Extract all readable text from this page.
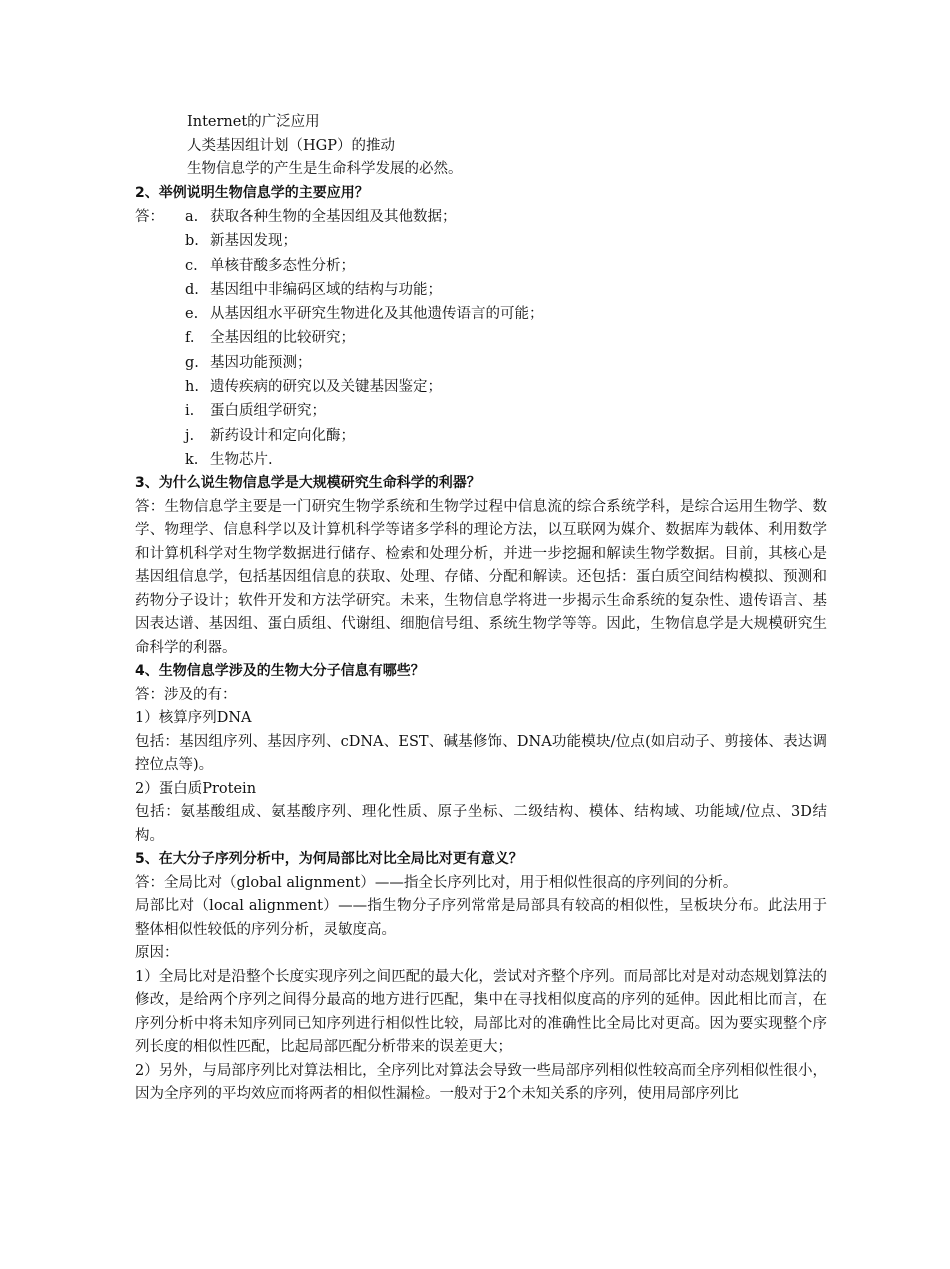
Internet的广泛应用
人类基因组计划（HGP）的推动
生物信息学的产生是生命科学发展的必然。
2、举例说明生物信息学的主要应用？
答： a. 获取各种生物的全基因组及其他数据；
b. 新基因发现；
c. 单核苷酸多态性分析；
d. 基因组中非编码区域的结构与功能；
e. 从基因组水平研究生物进化及其他遗传语言的可能；
f. 全基因组的比较研究；
g. 基因功能预测；
h. 遗传疾病的研究以及关键基因鉴定；
i. 蛋白质组学研究；
j. 新药设计和定向化酶；
k. 生物芯片.
3、为什么说生物信息学是大规模研究生命科学的利器？
答：生物信息学主要是一门研究生物学系统和生物学过程中信息流的综合系统学科，是综合运用生物学、数学、物理学、信息科学以及计算机科学等诸多学科的理论方法，以互联网为媒介、数据库为载体、利用数学和计算机科学对生物学数据进行储存、检索和处理分析，并进一步挖掘和解读生物学数据。目前，其核心是基因组信息学，包括基因组信息的获取、处理、存储、分配和解读。还包括：蛋白质空间结构模拟、预测和药物分子设计；软件开发和方法学研究。未来，生物信息学将进一步揭示生命系统的复杂性、遗传语言、基因表达谱、基因组、蛋白质组、代谢组、细胞信号组、系统生物学等等。因此，生物信息学是大规模研究生命科学的利器。
4、生物信息学涉及的生物大分子信息有哪些？
答：涉及的有：
1）核算序列DNA
包括：基因组序列、基因序列、cDNA、EST、碱基修饰、DNA功能模块/位点(如启动子、剪接体、表达调控位点等)。
2）蛋白质Protein
包括：氨基酸组成、氨基酸序列、理化性质、原子坐标、二级结构、模体、结构域、功能域/位点、3D结构。
5、在大分子序列分析中，为何局部比对比全局比对更有意义？
答：全局比对（global alignment）——指全长序列比对，用于相似性很高的序列间的分析。
局部比对（local alignment）——指生物分子序列常常是局部具有较高的相似性，呈板块分布。此法用于整体相似性较低的序列分析，灵敏度高。
原因：
1）全局比对是沿整个长度实现序列之间匹配的最大化，尝试对齐整个序列。而局部比对是对动态规划算法的修改，是给两个序列之间得分最高的地方进行匹配，集中在寻找相似度高的序列的延伸。因此相比而言，在序列分析中将未知序列同已知序列进行相似性比较，局部比对的准确性比全局比对更高。因为要实现整个序列长度的相似性匹配，比起局部匹配分析带来的误差更大；
2）另外，与局部序列比对算法相比，全序列比对算法会导致一些局部序列相似性较高而全序列相似性很小，因为全序列的平均效应而将两者的相似性漏检。一般对于2个未知关系的序列，使用局部序列比
